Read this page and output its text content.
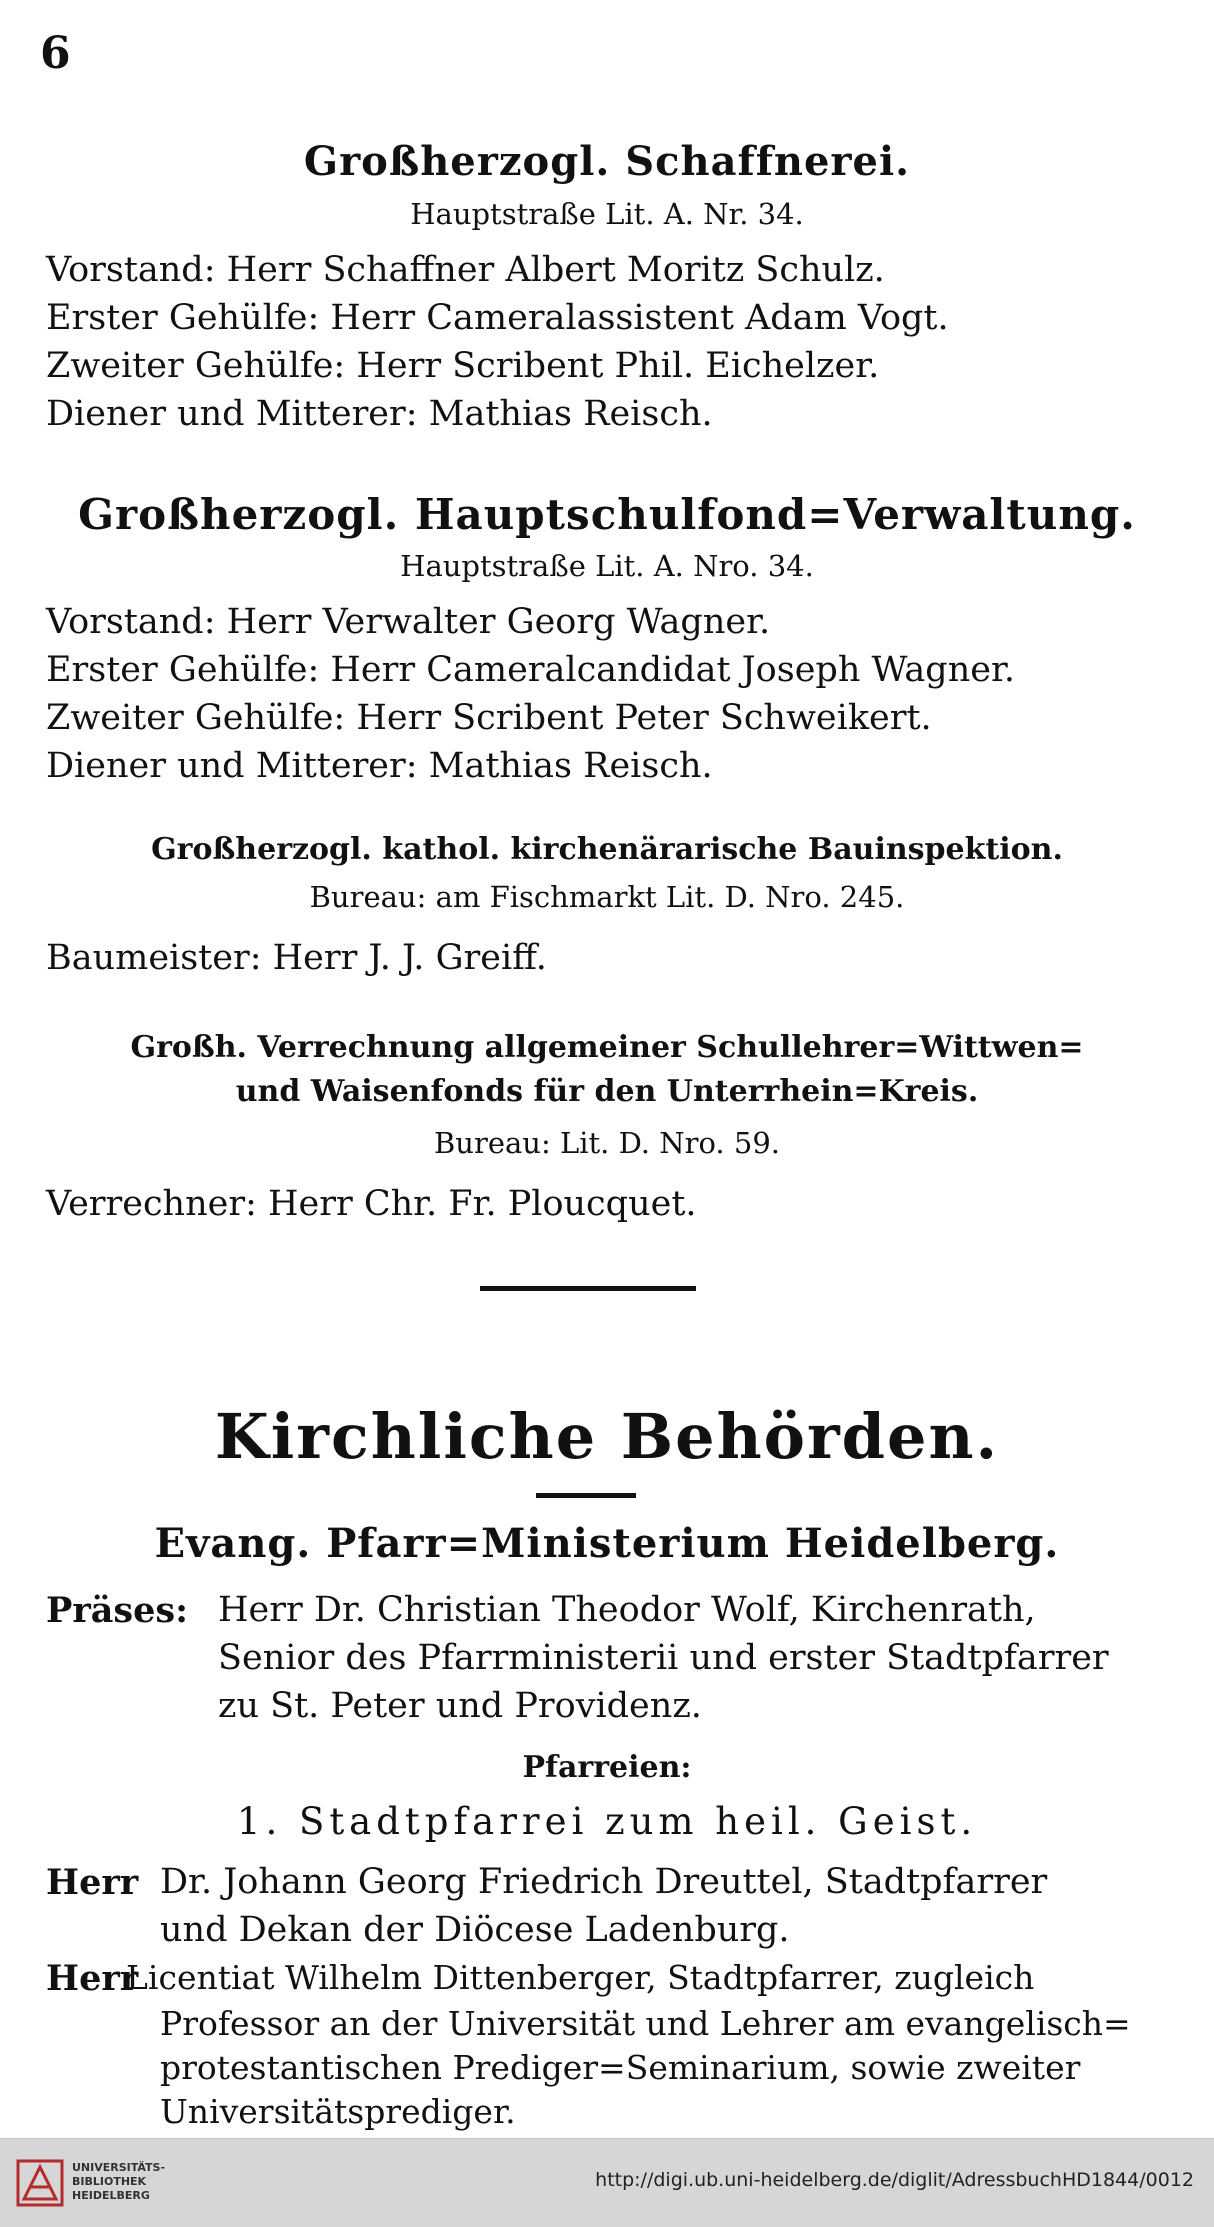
6
Großherzogl. Schaffnerei.
Hauptstraße Lit. A. Nr. 34.
Vorstand: Herr Schaffner Albert Moritz Schulz.
Erster Gehülfe: Herr Cameralassistent Adam Vogt.
Zweiter Gehülfe: Herr Scribent Phil. Eichelzer.
Diener und Mitterer: Mathias Reisch.
Großherzogl. Hauptschulfond=Verwaltung.
Hauptstraße Lit. A. Nro. 34.
Vorstand: Herr Verwalter Georg Wagner.
Erster Gehülfe: Herr Cameralcandidat Joseph Wagner.
Zweiter Gehülfe: Herr Scribent Peter Schweikert.
Diener und Mitterer: Mathias Reisch.
Großherzogl. kathol. kirchenärarische Bauinspektion.
Bureau: am Fischmarkt Lit. D. Nro. 245.
Baumeister: Herr J. J. Greiff.
Großh. Verrechnung allgemeiner Schullehrer=Wittwen=
und Waisenfonds für den Unterrhein=Kreis.
Bureau: Lit. D. Nro. 59.
Verrechner: Herr Chr. Fr. Ploucquet.
Kirchliche Behörden.
Evang. Pfarr=Ministerium Heidelberg.
Präses: Herr Dr. Christian Theodor Wolf, Kirchenrath,
Senior des Pfarrministerii und erster Stadtpfarrer
zu St. Peter und Providenz.
Pfarreien:
1. Stadtpfarrei zum heil. Geist.
Herr Dr. Johann Georg Friedrich Dreuttel, Stadtpfarrer
und Dekan der Diöcese Ladenburg.
Herr
Licentiat Wilhelm Dittenberger, Stadtpfarrer, zugleich
Professor an der Universität und Lehrer am evangelisch=
protestantischen Prediger=Seminarium, sowie zweiter
Universitätsprediger.
UNIVERSITÄTS-
BIBLIOTHEK
HEIDELBERG
http://digi.ub.uni-heidelberg.de/diglit/AdressbuchHD1844/0012
